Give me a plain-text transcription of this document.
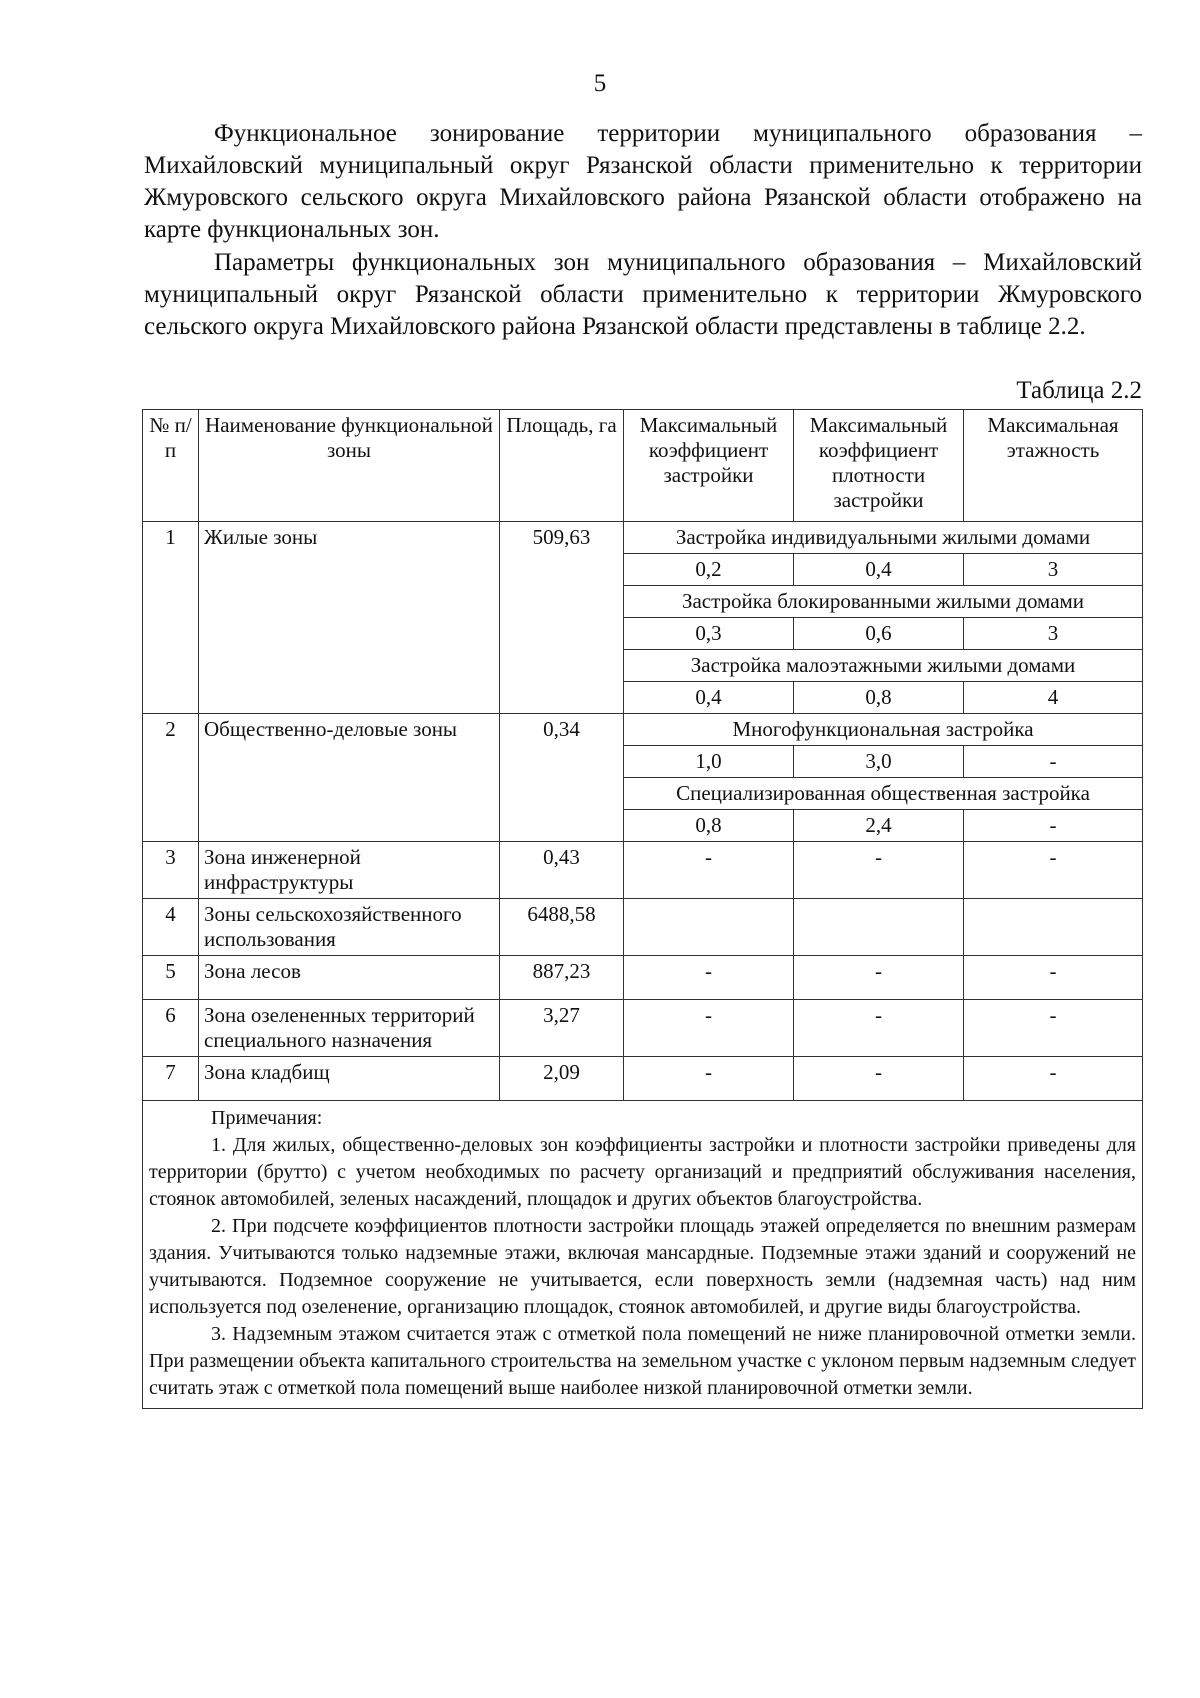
5

Функциональное зонирование территории муниципального образования – Михайловский муниципальный округ Рязанской области применительно к территории Жмуровского сельского округа Михайловского района Рязанской области отображено на карте функциональных зон.

Параметры функциональных зон муниципального образования – Михайловский муниципальный округ Рязанской области применительно к территории Жмуровского сельского округа Михайловского района Рязанской области представлены в таблице 2.2.

Таблица 2.2
№ п/п	Наименование функциональной зоны	Площадь, га	Максимальный коэффициент застройки	Максимальный коэффициент плотности застройки	Максимальная этажность
1	Жилые зоны	509,63	Застройка индивидуальными жилыми домами		
			0,2	0,4	3
			Застройка блокированными жилыми домами		
			0,3	0,6	3
			Застройка малоэтажными жилыми домами		
			0,4	0,8	4
2	Общественно-деловые зоны	0,34	Многофункциональная застройка		
			1,0	3,0	-
			Специализированная общественная застройка		
			0,8	2,4	-
3	Зона инженерной инфраструктуры	0,43	-	-	-
4	Зоны сельскохозяйственного использования	6488,58			
5	Зона лесов	887,23	-	-	-
6	Зона озелененных территорий специального назначения	3,27	-	-	-
7	Зона кладбищ	2,09	-	-	-

Примечания:

1. Для жилых, общественно-деловых зон коэффициенты застройки и плотности застройки приведены для территории (брутто) с учетом необходимых по расчету организаций и предприятий обслуживания населения, стоянок автомобилей, зеленых насаждений, площадок и других объектов благоустройства.

2. При подсчете коэффициентов плотности застройки площадь этажей определяется по внешним размерам здания. Учитываются только надземные этажи, включая мансардные. Подземные этажи зданий и сооружений не учитываются. Подземное сооружение не учитывается, если поверхность земли (надземная часть) над ним используется под озеленение, организацию площадок, стоянок автомобилей, и другие виды благоустройства.

3. Надземным этажом считается этаж с отметкой пола помещений не ниже планировочной отметки земли. При размещении объекта капитального строительства на земельном участке с уклоном первым надземным следует считать этаж с отметкой пола помещений выше наиболее низкой планировочной отметки земли.					
